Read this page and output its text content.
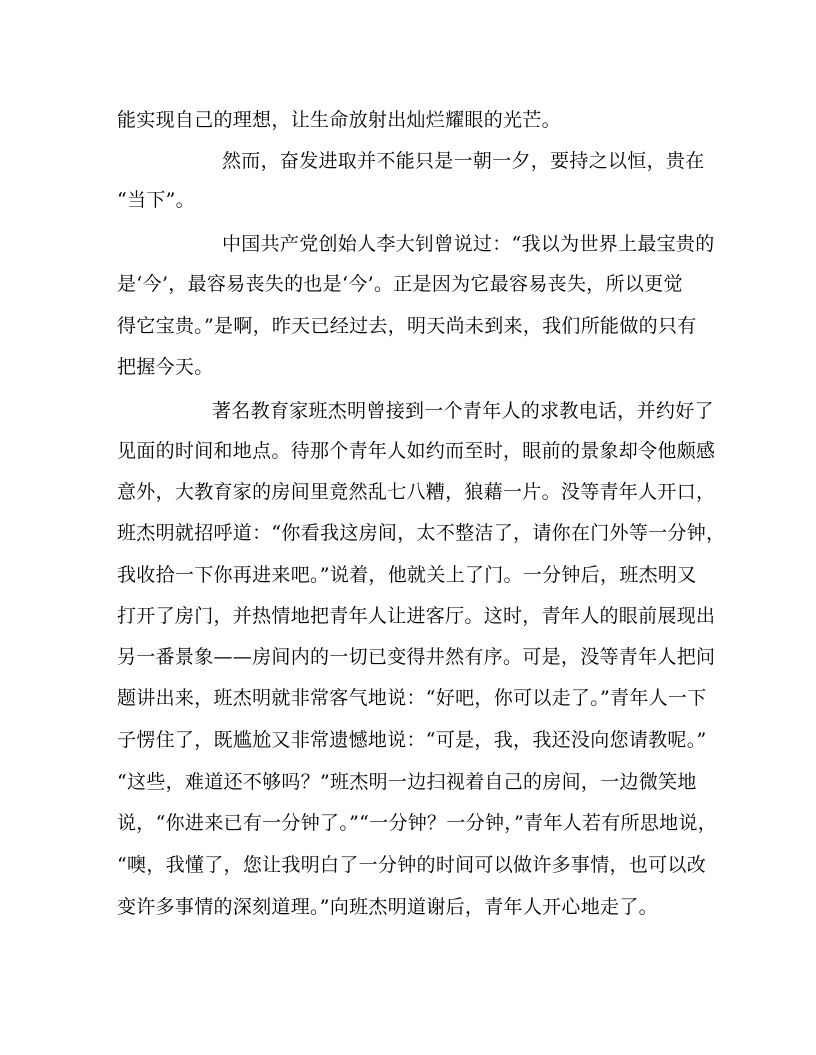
能实现自己的理想，让生命放射出灿烂耀眼的光芒。
然而，奋发进取并不能只是一朝一夕，要持之以恒，贵在
“当下”。
中国共产党创始人李大钊曾说过：“我以为世界上最宝贵的
是‘今’，最容易丧失的也是‘今’。正是因为它最容易丧失，所以更觉
得它宝贵。”是啊，昨天已经过去，明天尚未到来，我们所能做的只有
把握今天。
著名教育家班杰明曾接到一个青年人的求教电话，并约好了
见面的时间和地点。待那个青年人如约而至时，眼前的景象却令他颇感
意外，大教育家的房间里竟然乱七八糟，狼藉一片。没等青年人开口，
班杰明就招呼道：“你看我这房间，太不整洁了，请你在门外等一分钟，
我收拾一下你再进来吧。”说着，他就关上了门。一分钟后，班杰明又
打开了房门，并热情地把青年人让进客厅。这时，青年人的眼前展现出
另一番景象——房间内的一切已变得井然有序。可是，没等青年人把问
题讲出来，班杰明就非常客气地说：“好吧，你可以走了。”青年人一下
子愣住了，既尴尬又非常遗憾地说：“可是，我，我还没向您请教呢。”
“这些，难道还不够吗？”班杰明一边扫视着自己的房间，一边微笑地
说，“你进来已有一分钟了。”“一分钟？一分钟，”青年人若有所思地说，
“噢，我懂了，您让我明白了一分钟的时间可以做许多事情，也可以改
变许多事情的深刻道理。”向班杰明道谢后，青年人开心地走了。
